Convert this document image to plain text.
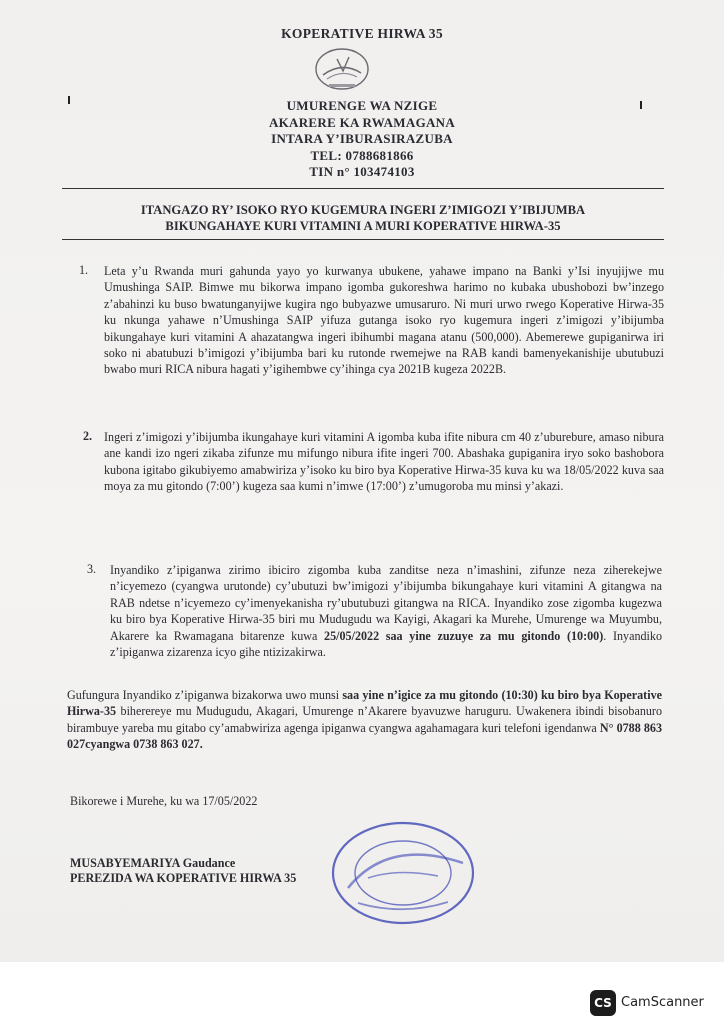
KOPERATIVE HIRWA 35
UMURENGE WA NZIGE
AKARERE KA RWAMAGANA
INTARA Y’IBURASIRAZUBA
TEL: 0788681866
TIN n° 103474103
ITANGAZO RY’ ISOKO RYO KUGEMURA INGERI Z’IMIGOZI Y’IBIJUMBA
BIKUNGAHAYE KURI VITAMINI A MURI KOPERATIVE HIRWA-35
1. Leta y’u Rwanda muri gahunda yayo yo kurwanya ubukene, yahawe impano na Banki y’Isi inyujijwe mu Umushinga SAIP. Bimwe mu bikorwa impano igomba gukoreshwa harimo no kubaka ubushobozi bw’inzego z’abahinzi ku buso bwatunganyijwe kugira ngo bubyazwe umusaruro. Ni muri urwo rwego Koperative Hirwa-35 ku nkunga yahawe n’Umushinga SAIP yifuza gutanga isoko ryo kugemura ingeri z’imigozi y’ibijumba bikungahaye kuri vitamini A ahazatangwa ingeri ibihumbi magana atanu (500,000). Abemerewe gupiganirwa iri soko ni abatubuzi b’imigozi y’ibijumba bari ku rutonde rwemejwe na RAB kandi bamenyekanishije ubutubuzi bwabo muri RICA nibura hagati y’igihembwe cy’ihinga cya 2021B kugeza 2022B.
2. Ingeri z’imigozi y’ibijumba ikungahaye kuri vitamini A igomba kuba ifite nibura cm 40 z’uburebure, amaso nibura ane kandi izo ngeri zikaba zifunze mu mifungo nibura ifite ingeri 700. Abashaka gupiganira iryo soko bashobora kubona igitabo gikubiyemo amabwiriza y’isoko ku biro bya Koperative Hirwa-35 kuva ku wa 18/05/2022 kuva saa moya za mu gitondo (7:00’) kugeza saa kumi n’imwe (17:00’) z’umugoroba mu minsi y’akazi.
3. Inyandiko z’ipiganwa zirimo ibiciro zigomba kuba zanditse neza n’imashini, zifunze neza ziherekejwe n’icyemezo (cyangwa urutonde) cy’ubutuzi bw’imigozi y’ibijumba bikungahaye kuri vitamini A gitangwa na RAB ndetse n’icyemezo cy’imenyekanisha ry’ubutubuzi gitangwa na RICA. Inyandiko zose zigomba kugezwa ku biro bya Koperative Hirwa-35 biri mu Mudugudu wa Kayigi, Akagari ka Murehe, Umurenge wa Muyumbu, Akarere ka Rwamagana bitarenze kuwa 25/05/2022 saa yine zuzuye za mu gitondo (10:00). Inyandiko z’ipiganwa zizarenza icyo gihe ntizizakirwa.
Gufungura Inyandiko z’ipiganwa bizakorwa uwo munsi saa yine n’igice za mu gitondo (10:30) ku biro bya Koperative Hirwa-35 biherereye mu Mudugudu, Akagari, Umurenge n’Akarere byavuzwe haruguru. Uwakenera ibindi bisobanuro birambuye yareba mu gitabo cy’amabwiriza agenga ipiganwa cyangwa agahamagara kuri telefoni igendanwa N° 0788 863 027cyangwa 0738 863 027.
Bikorewe i Murehe, ku wa 17/05/2022
MUSABYEMARIYA Gaudance
PEREZIDA WA KOPERATIVE HIRWA 35
CS CamScanner
